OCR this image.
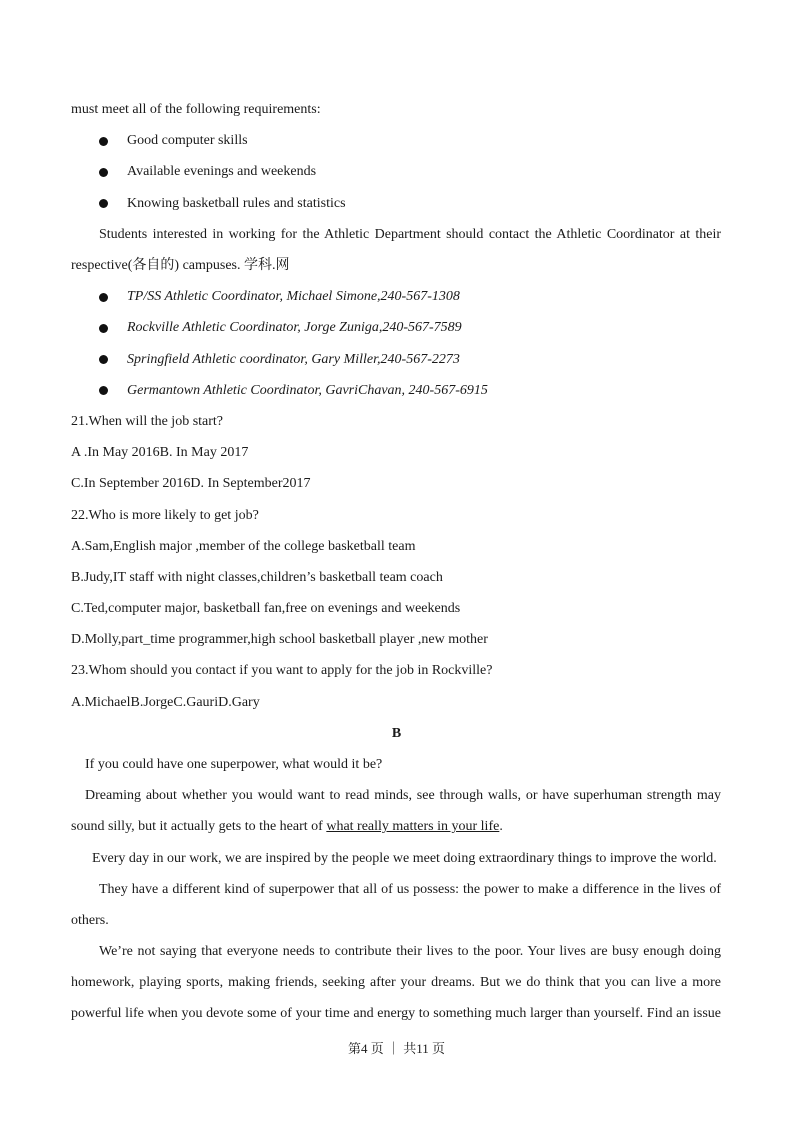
must meet all of the following requirements:
Good computer skills
Available evenings and weekends
Knowing basketball rules and statistics
Students interested in working for the Athletic Department should contact the Athletic Coordinator at their
respective(各自的) campuses. 学科.网
TP/SS Athletic Coordinator, Michael Simone,240-567-1308
Rockville Athletic Coordinator, Jorge Zuniga,240-567-7589
Springfield Athletic coordinator, Gary Miller,240-567-2273
Germantown Athletic Coordinator, GavriChavan, 240-567-6915
21.When will the job start?
A .In May 2016B. In May 2017
C.In September 2016D. In September2017
22.Who is more likely to get job?
A.Sam,English major ,member of the college basketball team
B.Judy,IT staff with night classes,children’s basketball team coach
C.Ted,computer major, basketball fan,free on evenings and weekends
D.Molly,part_time programmer,high school basketball player ,new mother
23.Whom should you contact if you want to apply for the job in Rockville?
A.MichaelB.JorgeC.GauriD.Gary
B
If you could have one superpower, what would it be?
Dreaming about whether you would want to read minds, see through walls, or have superhuman strength may
sound silly, but it actually gets to the heart of what really matters in your life.
Every day in our work, we are inspired by the people we meet doing extraordinary things to improve the world.
They have a different kind of superpower that all of us possess: the power to make a difference in the lives of
others.
We’re not saying that everyone needs to contribute their lives to the poor. Your lives are busy enough doing
homework, playing sports, making friends, seeking after your dreams. But we do think that you can live a more
powerful life when you devote some of your time and energy to something much larger than yourself. Find an issue
第4 页 ｜ 共11 页
